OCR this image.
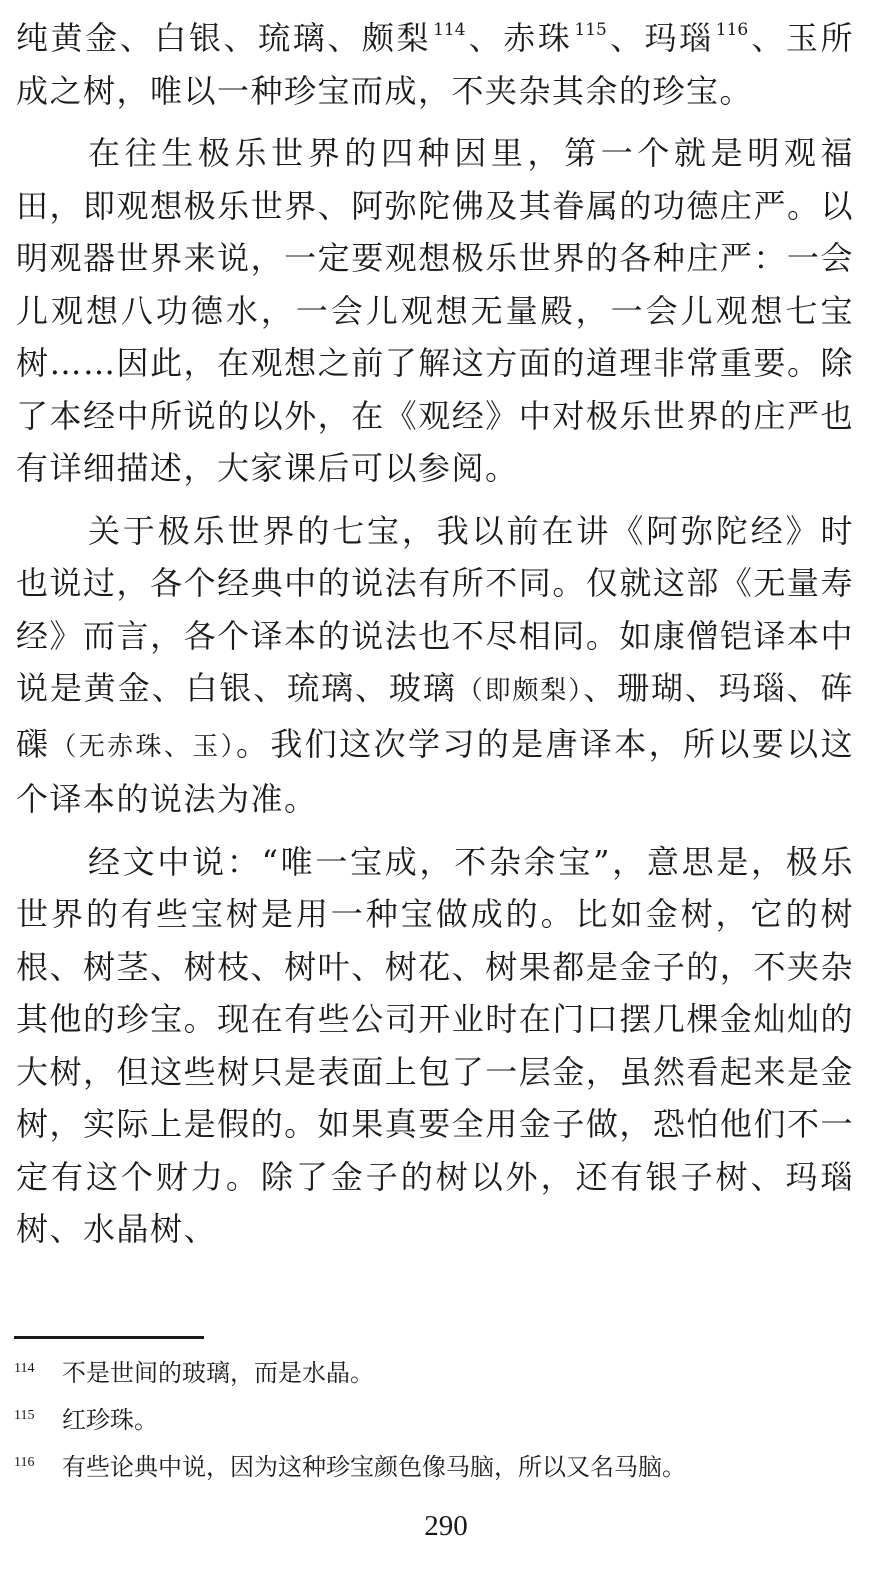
纯黄金、白银、琉璃、颇梨 $^{114}$、赤珠 $^{115}$、玛瑙 $^{116}$、玉所成之树，唯以一种珍宝而成，不夹杂其余的珍宝。

在往生极乐世界的四种因里，第一个就是明观福田，即观想极乐世界、阿弥陀佛及其眷属的功德庄严。以明观器世界来说，一定要观想极乐世界的各种庄严：一会儿观想八功德水，一会儿观想无量殿，一会儿观想七宝树……因此，在观想之前了解这方面的道理非常重要。除了本经中所说的以外，在《观经》中对极乐世界的庄严也有详细描述，大家课后可以参阅。

关于极乐世界的七宝，我以前在讲《阿弥陀经》时也说过，各个经典中的说法有所不同。仅就这部《无量寿经》而言，各个译本的说法也不尽相同。如康僧铠译本中说是黄金、白银、琉璃、玻璃（即颇梨）、珊瑚、玛瑙、砗磲（无赤珠、玉）。我们这次学习的是唐译本，所以要以这个译本的说法为准。

经文中说：“唯一宝成，不杂余宝”，意思是，极乐世界的有些宝树是用一种宝做成的。比如金树，它的树根、树茎、树枝、树叶、树花、树果都是金子的，不夹杂其他的珍宝。现在有些公司开业时在门口摆几棵金灿灿的大树，但这些树只是表面上包了一层金，虽然看起来是金树，实际上是假的。如果真要全用金子做，恐怕他们不一定有这个财力。除了金子的树以外，还有银子树、玛瑙树、水晶树、

114	不是世间的玻璃，而是水晶。
115	红珍珠。
116	有些论典中说，因为这种珍宝颜色像马脑，所以又名马脑。
290
